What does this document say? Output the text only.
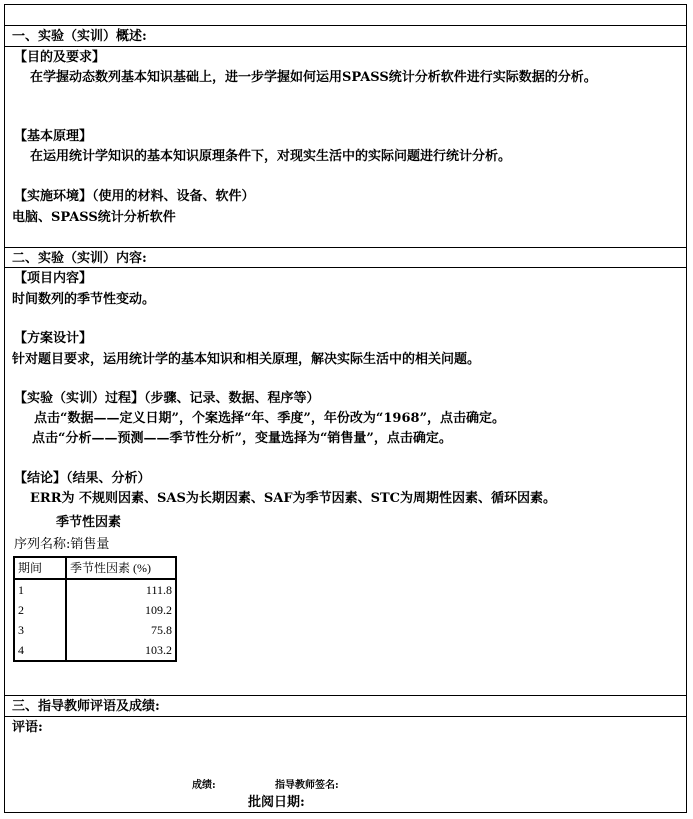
一、实验（实训）概述:
【目的及要求】
在学握动态数列基本知识基础上，进一步学握如何运用SPASS统计分析软件进行实际数据的分析。
【基本原理】
在运用统计学知识的基本知识原理条件下，对现实生活中的实际问题进行统计分析。
【实施环境】（使用的材料、设备、软件）
电脑、SPASS统计分析软件
二、实验（实训）内容:
【项目内容】
时间数列的季节性变动。
【方案设计】
针对题目要求，运用统计学的基本知识和相关原理，解决实际生活中的相关问题。
【实验（实训）过程】（步骤、记录、数据、程序等）
点击“数据——定义日期”，个案选择“年、季度”，年份改为“1968”，点击确定。
点击“分析——预测——季节性分析”，变量选择为“销售量”，点击确定。
【结论】（结果、分析）
ERR为 不规则因素、SAS为长期因素、SAF为季节因素、STC为周期性因素、循环因素。
季节性因素
序列名称:销售量
期间	季节性因素 (%)
1	111.8
2	109.2
3	75.8
4	103.2
三、指导教师评语及成绩:
评语:
成绩:	指导教师签名:
批阅日期:
